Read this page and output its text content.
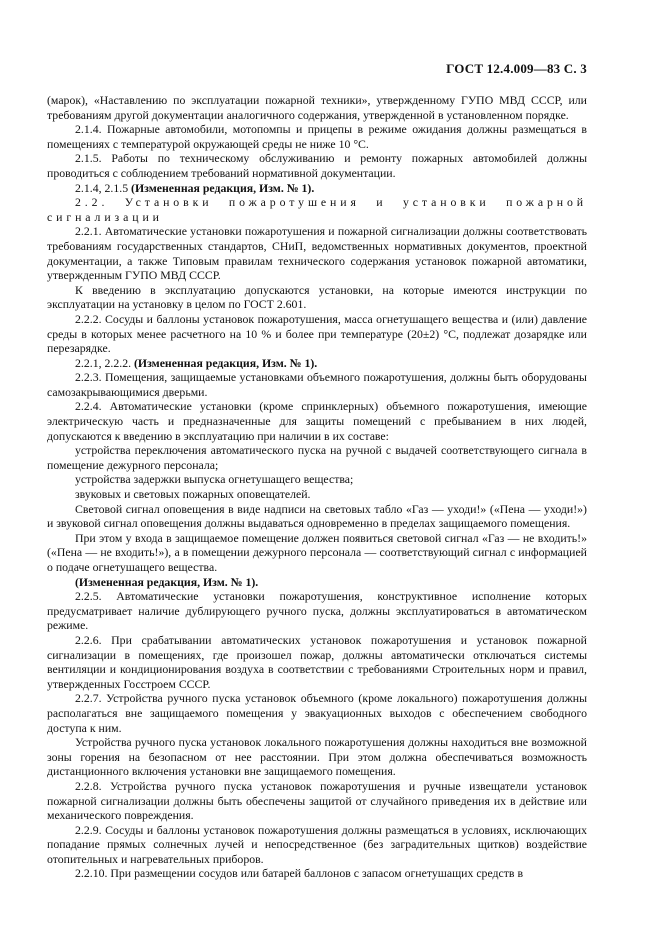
ГОСТ 12.4.009—83 С. 3

(марок), «Наставлению по эксплуатации пожарной техники», утвержденному ГУПО МВД СССР, или требованиям другой документации аналогичного содержания, утвержденной в установленном порядке.

2.1.4. Пожарные автомобили, мотопомпы и прицепы в режиме ожидания должны размещаться в помещениях с температурой окружающей среды не ниже 10 °С.

2.1.5. Работы по техническому обслуживанию и ремонту пожарных автомобилей должны проводиться с соблюдением требований нормативной документации.

2.1.4, 2.1.5 (Измененная редакция, Изм. № 1).

2.2. Установки пожаротушения и установки пожарной сигнализации

2.2.1. Автоматические установки пожаротушения и пожарной сигнализации должны соответствовать требованиям государственных стандартов, СНиП, ведомственных нормативных документов, проектной документации, а также Типовым правилам технического содержания установок пожарной автоматики, утвержденным ГУПО МВД СССР.

К введению в эксплуатацию допускаются установки, на которые имеются инструкции по эксплуатации на установку в целом по ГОСТ 2.601.

2.2.2. Сосуды и баллоны установок пожаротушения, масса огнетушащего вещества и (или) давление среды в которых менее расчетного на 10 % и более при температуре (20±2) °С, подлежат дозарядке или перезарядке.

2.2.1, 2.2.2. (Измененная редакция, Изм. № 1).

2.2.3. Помещения, защищаемые установками объемного пожаротушения, должны быть оборудованы самозакрывающимися дверьми.

2.2.4. Автоматические установки (кроме спринклерных) объемного пожаротушения, имеющие электрическую часть и предназначенные для защиты помещений с пребыванием в них людей, допускаются к введению в эксплуатацию при наличии в их составе:

устройства переключения автоматического пуска на ручной с выдачей соответствующего сигнала в помещение дежурного персонала;

устройства задержки выпуска огнетушащего вещества;

звуковых и световых пожарных оповещателей.

Световой сигнал оповещения в виде надписи на световых табло «Газ — уходи!» («Пена — уходи!») и звуковой сигнал оповещения должны выдаваться одновременно в пределах защищаемого помещения.

При этом у входа в защищаемое помещение должен появиться световой сигнал «Газ — не входить!» («Пена — не входить!»), а в помещении дежурного персонала — соответствующий сигнал с информацией о подаче огнетушащего вещества.

(Измененная редакция, Изм. № 1).

2.2.5. Автоматические установки пожаротушения, конструктивное исполнение которых предусматривает наличие дублирующего ручного пуска, должны эксплуатироваться в автоматическом режиме.

2.2.6. При срабатывании автоматических установок пожаротушения и установок пожарной сигнализации в помещениях, где произошел пожар, должны автоматически отключаться системы вентиляции и кондиционирования воздуха в соответствии с требованиями Строительных норм и правил, утвержденных Госстроем СССР.

2.2.7. Устройства ручного пуска установок объемного (кроме локального) пожаротушения должны располагаться вне защищаемого помещения у эвакуационных выходов с обеспечением свободного доступа к ним.

Устройства ручного пуска установок локального пожаротушения должны находиться вне возможной зоны горения на безопасном от нее расстоянии. При этом должна обеспечиваться возможность дистанционного включения установки вне защищаемого помещения.

2.2.8. Устройства ручного пуска установок пожаротушения и ручные извещатели установок пожарной сигнализации должны быть обеспечены защитой от случайного приведения их в действие или механического повреждения.

2.2.9. Сосуды и баллоны установок пожаротушения должны размещаться в условиях, исключающих попадание прямых солнечных лучей и непосредственное (без заградительных щитков) воздействие отопительных и нагревательных приборов.

2.2.10. При размещении сосудов или батарей баллонов с запасом огнетушащих средств в
